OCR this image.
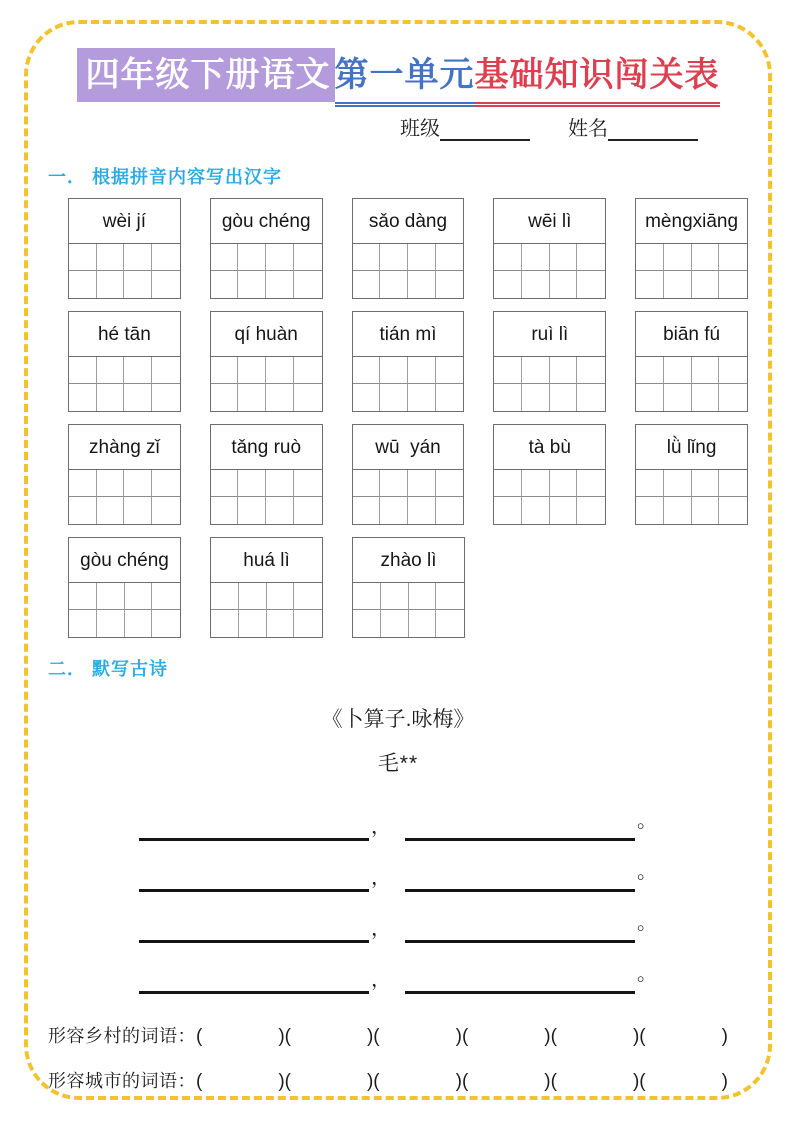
四年级下册语文 第一单元基础知识闯关表
班级	姓名
一． 根据拼音内容写出汉字
wèi jí	gòu chéng	sǎo dàng	wēi lì	mèngxiāng
hé tān	qí huàn	tián mì	ruì lì	biān fú
zhàng zǐ	tǎng ruò	wū  yán	tà bù	lǜ lǐng
gòu chéng	huá lì	zhào lì
二． 默写古诗
《卜算子.咏梅》
毛**
，	。
，	。
，	。
，	。
形容乡村的词语： (　　　　)(　　　　)(　　　　)(　　　　)(　　　　)(　　　　)
形容城市的词语： (　　　　)(　　　　)(　　　　)(　　　　)(　　　　)(　　　　)
